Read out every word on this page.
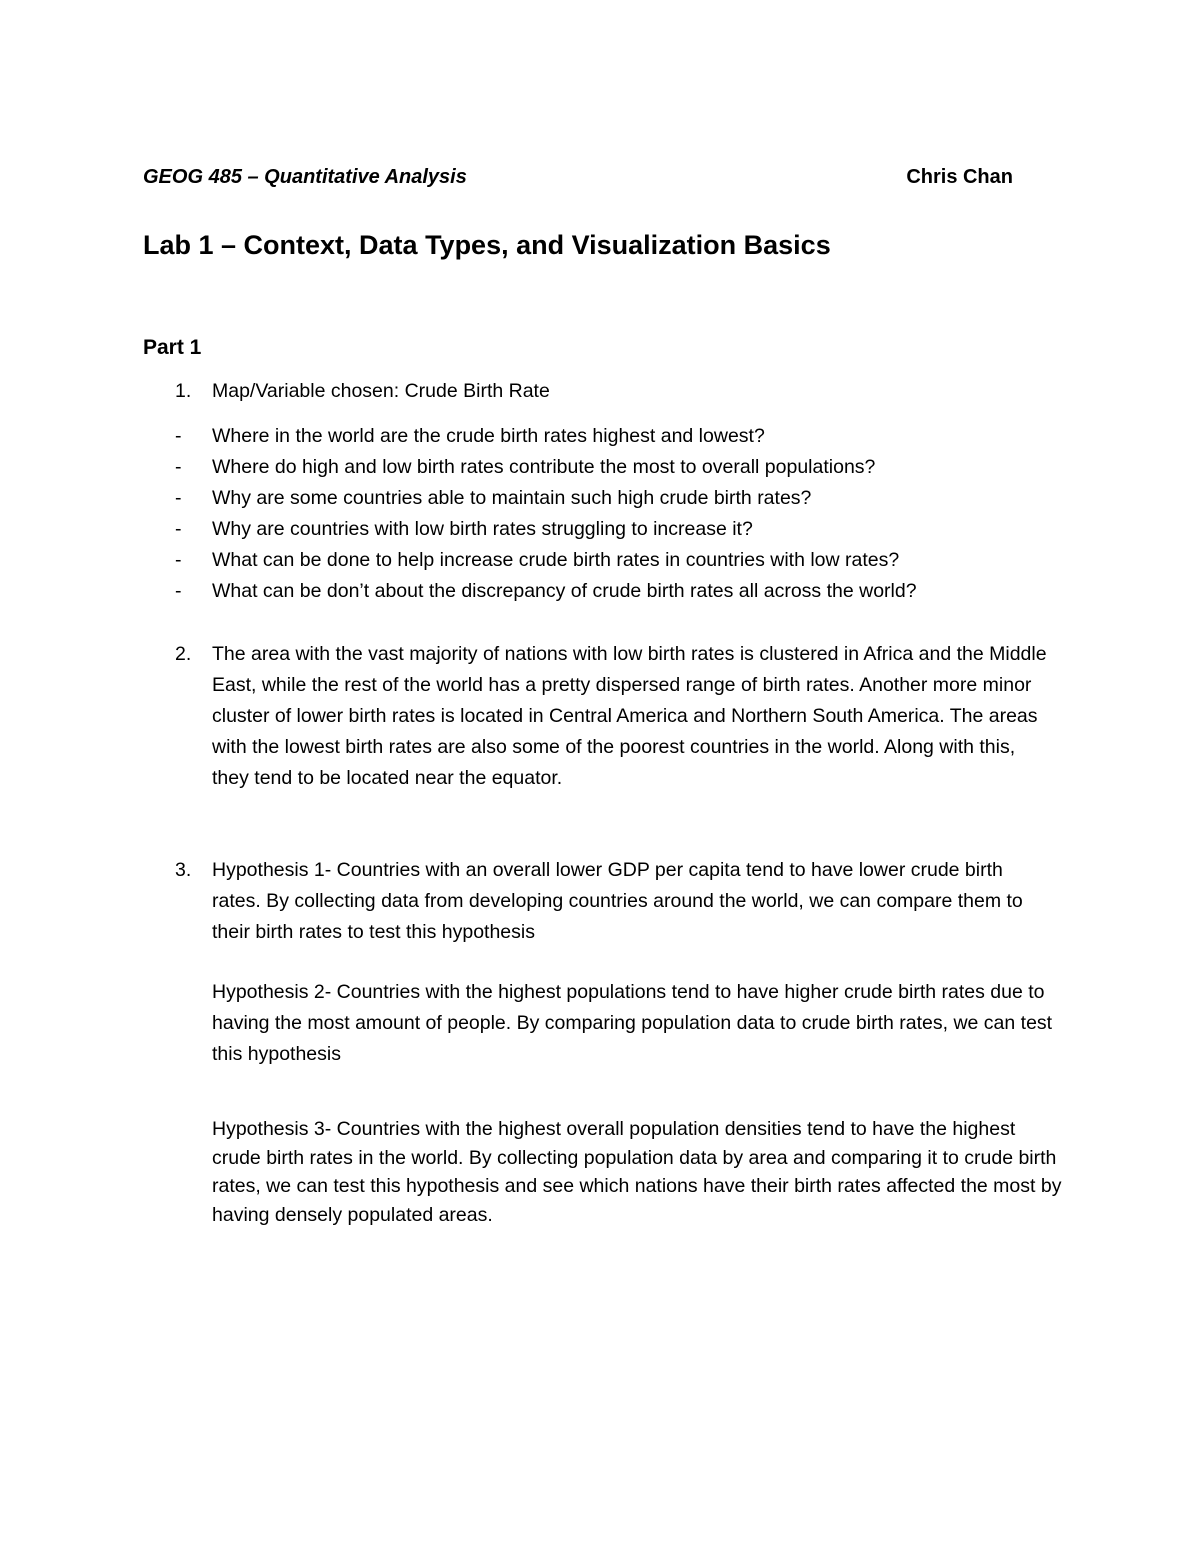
GEOG 485 – Quantitative Analysis	Chris Chan
Lab 1 – Context, Data Types, and Visualization Basics
Part 1
1. Map/Variable chosen: Crude Birth Rate
- Where in the world are the crude birth rates highest and lowest?
- Where do high and low birth rates contribute the most to overall populations?
- Why are some countries able to maintain such high crude birth rates?
- Why are countries with low birth rates struggling to increase it?
- What can be done to help increase crude birth rates in countries with low rates?
- What can be don’t about the discrepancy of crude birth rates all across the world?
2. The area with the vast majority of nations with low birth rates is clustered in Africa and the Middle East, while the rest of the world has a pretty dispersed range of birth rates. Another more minor cluster of lower birth rates is located in Central America and Northern South America. The areas with the lowest birth rates are also some of the poorest countries in the world. Along with this, they tend to be located near the equator.
3. Hypothesis 1- Countries with an overall lower GDP per capita tend to have lower crude birth rates. By collecting data from developing countries around the world, we can compare them to their birth rates to test this hypothesis

Hypothesis 2- Countries with the highest populations tend to have higher crude birth rates due to having the most amount of people. By comparing population data to crude birth rates, we can test this hypothesis

Hypothesis 3- Countries with the highest overall population densities tend to have the highest crude birth rates in the world. By collecting population data by area and comparing it to crude birth rates, we can test this hypothesis and see which nations have their birth rates affected the most by having densely populated areas.
